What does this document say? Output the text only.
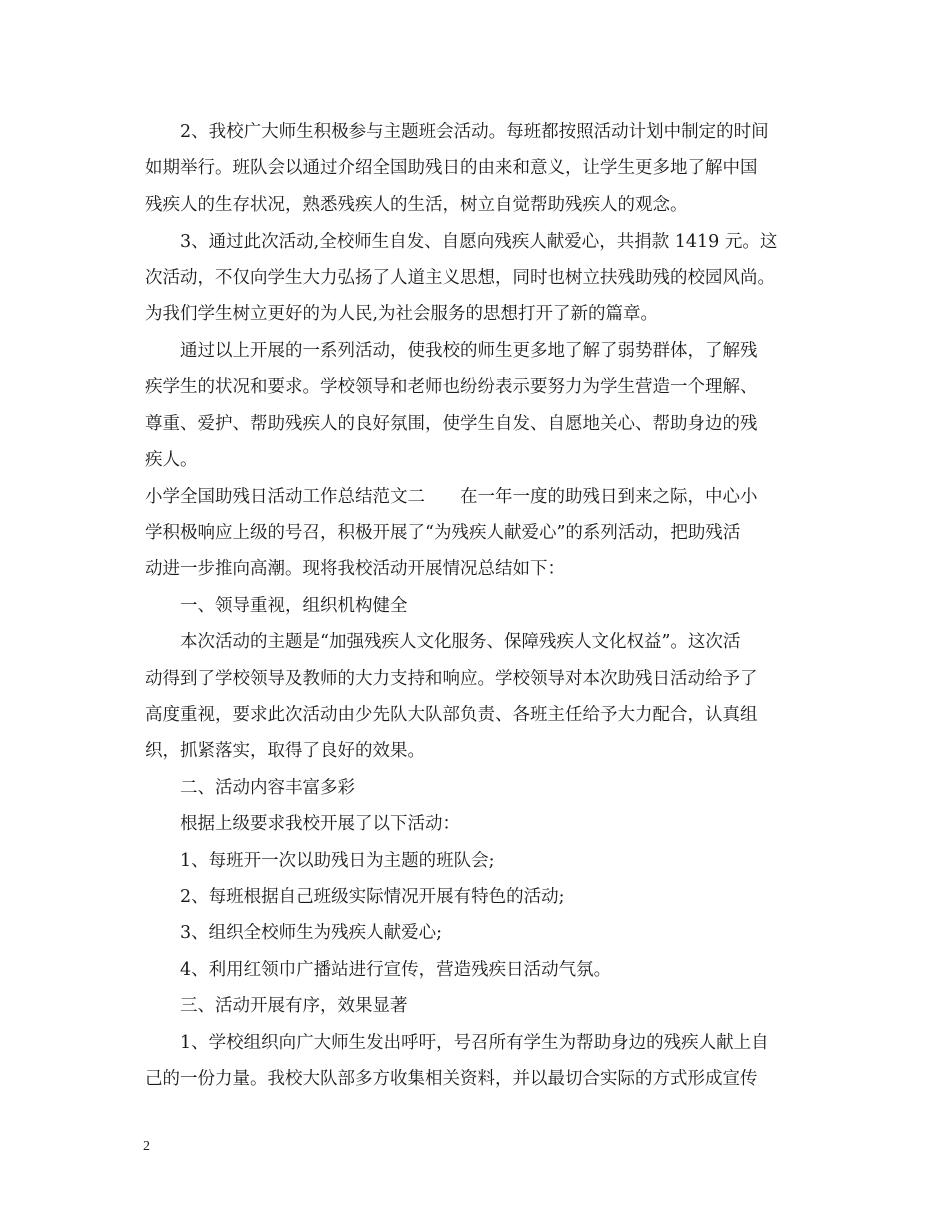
2、我校广大师生积极参与主题班会活动。每班都按照活动计划中制定的时间
如期举行。班队会以通过介绍全国助残日的由来和意义，让学生更多地了解中国
残疾人的生存状况，熟悉残疾人的生活，树立自觉帮助残疾人的观念。
3、通过此次活动,全校师生自发、自愿向残疾人献爱心，共捐款 1419 元。这
次活动，不仅向学生大力弘扬了人道主义思想，同时也树立扶残助残的校园风尚。
为我们学生树立更好的为人民,为社会服务的思想打开了新的篇章。
通过以上开展的一系列活动，使我校的师生更多地了解了弱势群体，了解残
疾学生的状况和要求。学校领导和老师也纷纷表示要努力为学生营造一个理解、
尊重、爱护、帮助残疾人的良好氛围，使学生自发、自愿地关心、帮助身边的残
疾人。
小学全国助残日活动工作总结范文二　　在一年一度的助残日到来之际，中心小
学积极响应上级的号召，积极开展了“为残疾人献爱心”的系列活动，把助残活
动进一步推向高潮。现将我校活动开展情况总结如下：
一、领导重视，组织机构健全
本次活动的主题是“加强残疾人文化服务、保障残疾人文化权益”。这次活
动得到了学校领导及教师的大力支持和响应。学校领导对本次助残日活动给予了
高度重视，要求此次活动由少先队大队部负责、各班主任给予大力配合，认真组
织，抓紧落实，取得了良好的效果。
二、活动内容丰富多彩
根据上级要求我校开展了以下活动：
1、每班开一次以助残日为主题的班队会;
2、每班根据自己班级实际情况开展有特色的活动;
3、组织全校师生为残疾人献爱心;
4、利用红领巾广播站进行宣传，营造残疾日活动气氛。
三、活动开展有序，效果显著
1、学校组织向广大师生发出呼吁，号召所有学生为帮助身边的残疾人献上自
己的一份力量。我校大队部多方收集相关资料，并以最切合实际的方式形成宣传
2
